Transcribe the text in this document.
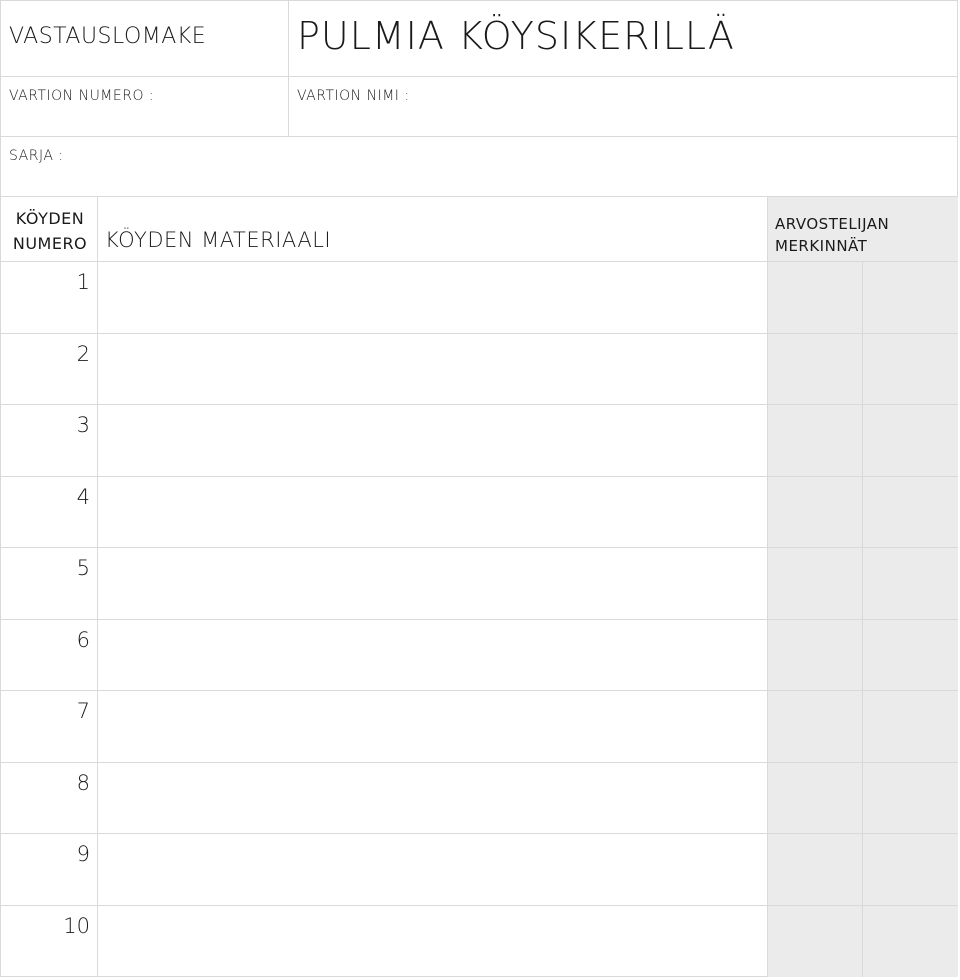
VASTAUSLOMAKE PULMIA KÖYSIKERILLÄ
VARTION NUMERO :	VARTION NIMI :
SARJA :
KÖYDEN NUMERO KÖYDEN MATERIAALI
ARVOSTELIJAN MERKINNÄT
1
2
3
4
5
6
7
8
9
10
